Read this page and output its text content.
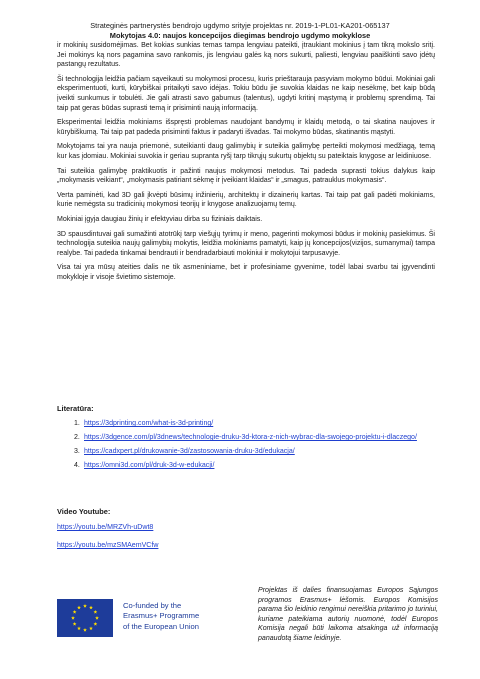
Strateginės partnerystės bendrojo ugdymo srityje projektas nr. 2019-1-PL01-KA201-065137
Mokytojas 4.0: naujos koncepcijos diegimas bendrojo ugdymo mokyklose

ir mokinių susidomėjimas. Bet kokias sunkias temas tampa lengviau pateikti, įtraukiant mokinius į tam tikrą mokslo sritį. Jei mokinys ką nors pagamina savo rankomis, jis lengviau galės ką nors sukurti, paliesti, lengviau paaiškinti savo įdėtų pastangų rezultatus.

Ši technologija leidžia pačiam sąveikauti su mokymosi procesu, kuris prieštarauja pasyviam mokymo būdui. Mokiniai gali eksperimentuoti, kurti, kūrybiškai pritaikyti savo idėjas. Tokiu būdu jie suvokia klaidas ne kaip nesėkmę, bet kaip būdą įveikti sunkumus ir tobulėti. Jie gali atrasti savo gabumus (talentus), ugdyti kritinį mąstymą ir problemų sprendimą. Tai taip pat geras būdas suprasti temą ir prisiminti naują informaciją.

Eksperimentai leidžia mokiniams išspręsti problemas naudojant bandymų ir klaidų metodą, o tai skatina naujoves ir kūrybiškumą. Tai taip pat padeda prisiminti faktus ir padaryti išvadas. Tai mokymo būdas, skatinantis mąstyti.

Mokytojams tai yra nauja priemonė, suteikianti daug galimybių ir suteikia galimybę perteikti mokymosi medžiagą, temą kur kas įdomiau. Mokiniai suvokia ir geriau supranta ryšį tarp tikrųjų sukurtų objektų su pateiktais knygose ar leidiniuose.

Tai suteikia galimybę praktikuotis ir pažinti naujus mokymosi metodus. Tai padeda suprasti tokius dalykus kaip „mokymasis veikiant“, „mokymasis patiriant sėkmę ir įveikiant klaidas“ ir „smagus, patrauklus mokymasis“.

Verta paminėti, kad 3D gali įkvėpti būsimų inžinierių, architektų ir dizainerių kartas. Tai taip pat gali padėti mokiniams, kurie nemėgsta su tradicinių mokymosi teorijų ir knygose analizuojamų temų.

Mokiniai įgyja daugiau žinių ir efektyviau dirba su fiziniais daiktais.

3D spausdintuvai gali sumažinti atotrūkį tarp viešųjų tyrimų ir meno, pagerinti mokymosi būdus ir mokinių pasiekimus. Ši technologija suteikia naujų galimybių mokytis, leidžia mokiniams pamatyti, kaip jų koncepcijos(vizijos, sumanymai) tampa realybe. Tai padeda tinkamai bendrauti ir bendradarbiauti mokiniui ir mokytojui tarpusavyje.

Visa tai yra mūsų ateities dalis ne tik asmeniniame, bet ir profesiniame gyvenime, todėl labai svarbu tai įgyvendinti mokykloje ir visoje švietimo sistemoje.

Literatūra:
1. https://3dprinting.com/what-is-3d-printing/
2. https://3dgence.com/pl/3dnews/technologie-druku-3d-ktora-z-nich-wybrac-dla-swojego-projektu-i-dlaczego/
3. https://cadxpert.pl/drukowanie-3d/zastosowania-druku-3d/edukacja/
4. https://omni3d.com/pl/druk-3d-w-edukacji/
Video Youtube:
https://youtu.be/MRZVh-uDwt8
https://youtu.be/mzSMAemVCfw
Co-funded by the
Erasmus+ Programme
of the European Union
Projektas iš dalies finansuojamas Europos Sąjungos programos Erasmus+ lėšomis. Europos Komisijos parama šio leidinio rengimui nereiškia pritarimo jo turiniui, kuriame pateikiama autorių nuomonė, todėl Europos Komisija negali būti laikoma atsakinga už informaciją panaudotą šiame leidinyje.
